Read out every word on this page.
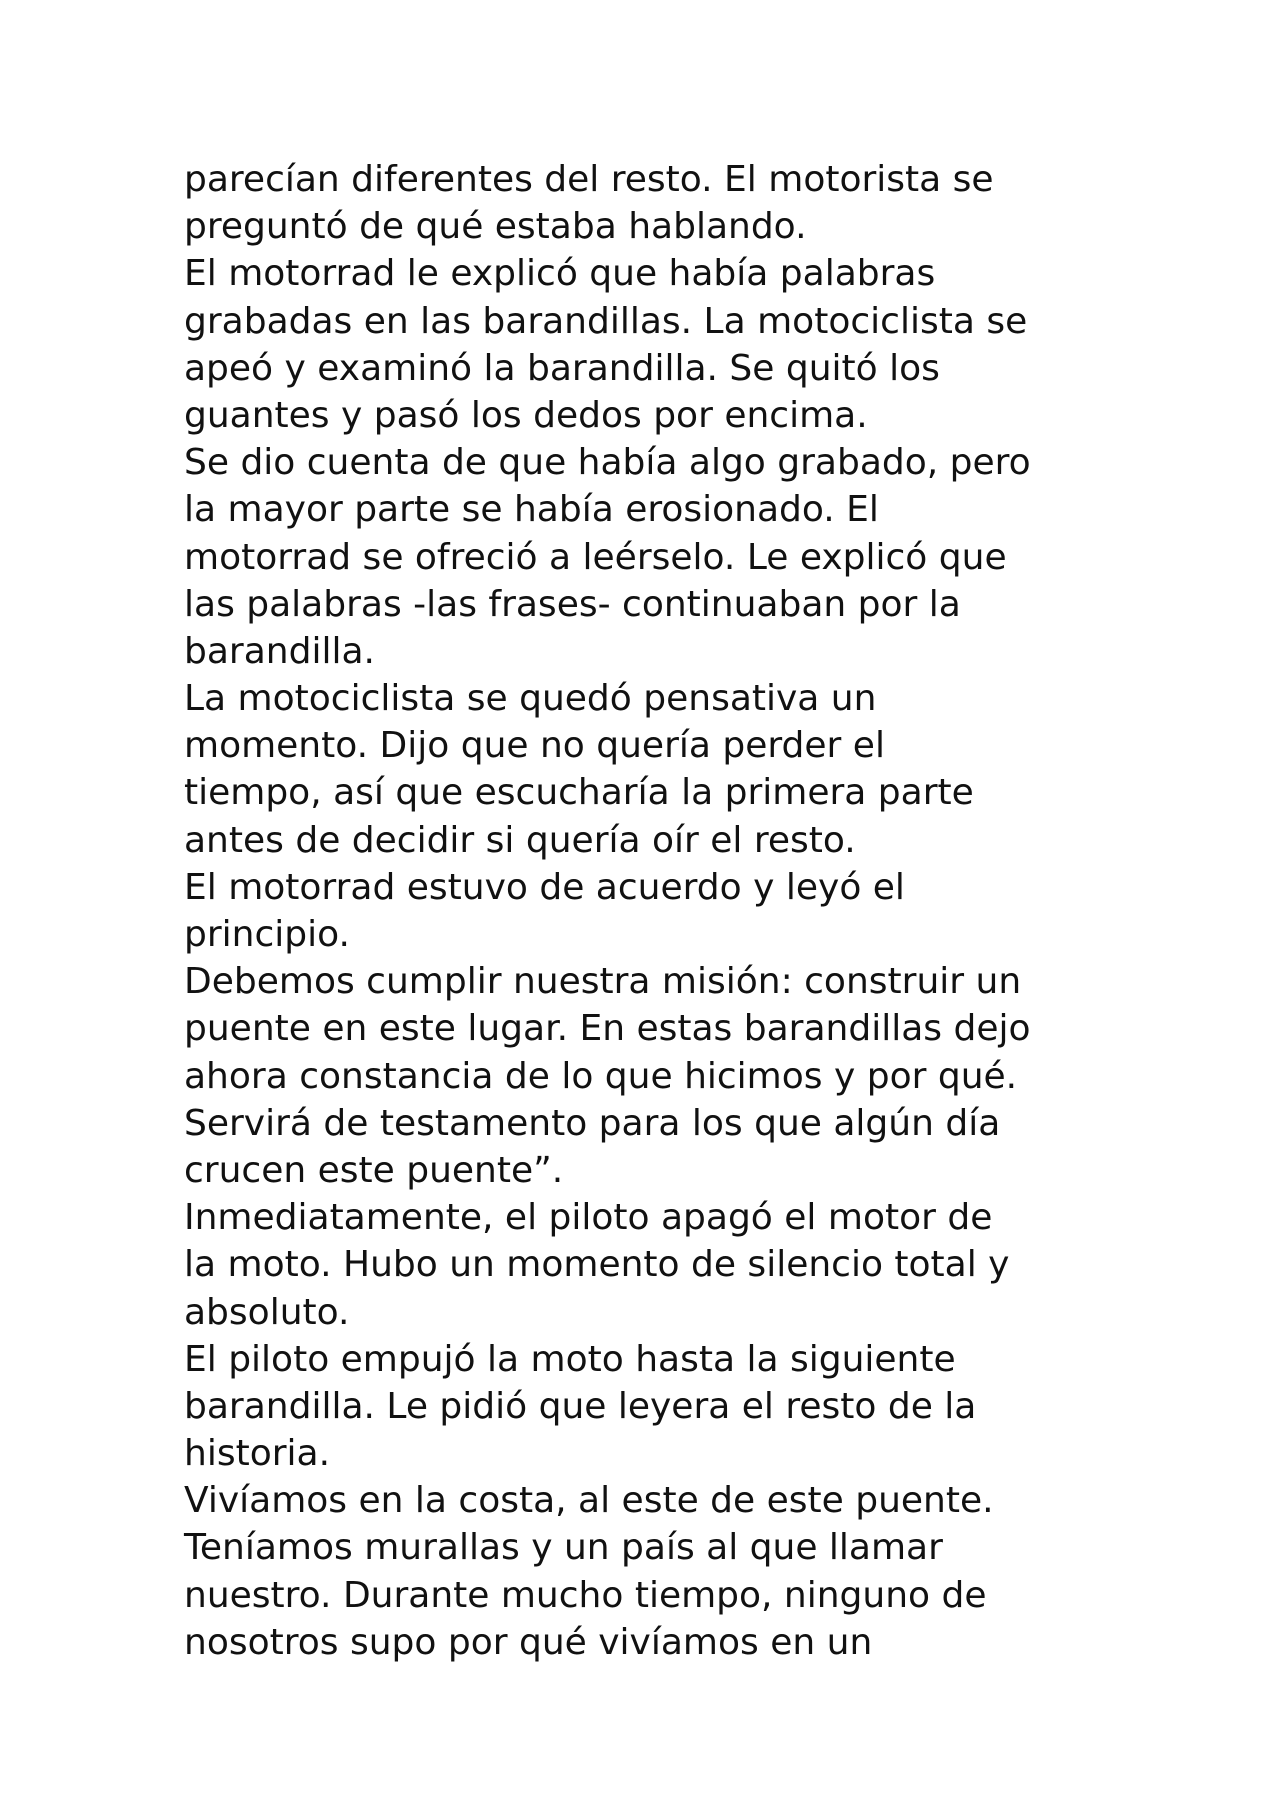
parecían diferentes del resto. El motorista se
preguntó de qué estaba hablando.
El motorrad le explicó que había palabras
grabadas en las barandillas. La motociclista se
apeó y examinó la barandilla. Se quitó los
guantes y pasó los dedos por encima.
Se dio cuenta de que había algo grabado, pero
la mayor parte se había erosionado. El
motorrad se ofreció a leérselo. Le explicó que
las palabras -las frases- continuaban por la
barandilla.
La motociclista se quedó pensativa un
momento. Dijo que no quería perder el
tiempo, así que escucharía la primera parte
antes de decidir si quería oír el resto.
El motorrad estuvo de acuerdo y leyó el
principio.
Debemos cumplir nuestra misión: construir un
puente en este lugar. En estas barandillas dejo
ahora constancia de lo que hicimos y por qué.
Servirá de testamento para los que algún día
crucen este puente”.
Inmediatamente, el piloto apagó el motor de
la moto. Hubo un momento de silencio total y
absoluto.
El piloto empujó la moto hasta la siguiente
barandilla. Le pidió que leyera el resto de la
historia.
Vivíamos en la costa, al este de este puente.
Teníamos murallas y un país al que llamar
nuestro. Durante mucho tiempo, ninguno de
nosotros supo por qué vivíamos en un
